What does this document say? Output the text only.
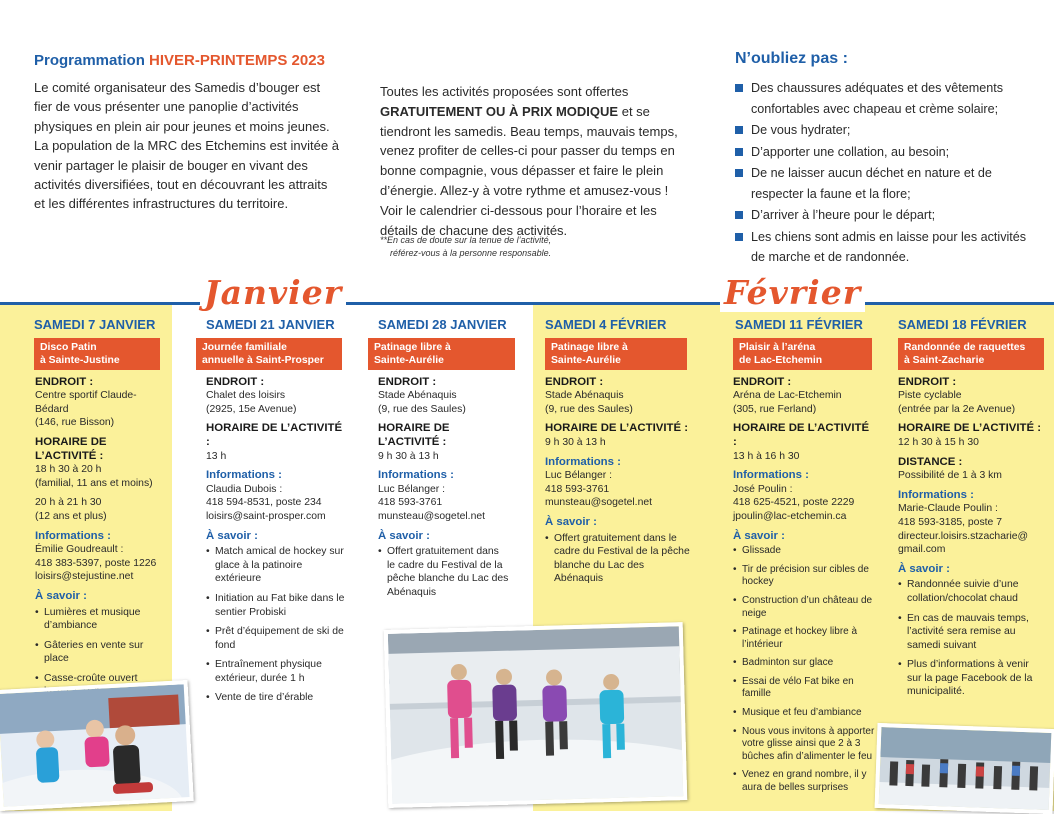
Programmation HIVER-PRINTEMPS 2023

Le comité organisateur des Samedis d’bouger est fier de vous présenter une panoplie d’activités physiques en plein air pour jeunes et moins jeunes. La population de la MRC des Etchemins est invitée à venir partager le plaisir de bouger en vivant des activités diversifiées, tout en découvrant les attraits et les différentes infrastructures du territoire.

Toutes les activités proposées sont offertes GRATUITEMENT OU À PRIX MODIQUE et se tiendront les samedis. Beau temps, mauvais temps, venez profiter de celles-ci pour passer du temps en bonne compagnie, vous dépasser et faire le plein d’énergie. Allez-y à votre rythme et amusez-vous ! Voir le calendrier ci-dessous pour l’horaire et les détails de chacune des activités.

**En cas de doute sur la tenue de l’activité,
référez-vous à la personne responsable.

N’oubliez pas :
Des chaussures adéquates et des vêtements confortables avec chapeau et crème solaire;
De vous hydrater;
D’apporter une collation, au besoin;
De ne laisser aucun déchet en nature et de respecter la faune et la flore;
D’arriver à l’heure pour le départ;
Les chiens sont admis en laisse pour les activités de marche et de randonnée.
SAMEDI 7 JANVIER
Disco Patin
à Sainte-Justine
ENDROIT :
Centre sportif Claude-Bédard
(146, rue Bisson)
HORAIRE DE L’ACTIVITÉ :
18 h 30 à 20 h
(familial, 11 ans et moins)
20 h à 21 h 30
(12 ans et plus)
Informations :
Émilie Goudreault :
418 383-5397, poste 1226
loisirs@stejustine.net
À savoir :
• Lumières et musique d’ambiance
• Gâteries en vente sur place
• Casse-croûte ouvert
SAMEDI 21 JANVIER
Journée familiale
annuelle à Saint-Prosper
ENDROIT :
Chalet des loisirs
(2925, 15e Avenue)
HORAIRE DE L’ACTIVITÉ :
13 h
Informations :
Claudia Dubois :
418 594-8531, poste 234
loisirs@saint-prosper.com
À savoir :
• Match amical de hockey sur glace à la patinoire extérieure
• Initiation au Fat bike dans le sentier Probiski
• Prêt d’équipement de ski de fond
• Entraînement physique extérieur, durée 1 h
• Vente de tire d’érable
SAMEDI 28 JANVIER
Patinage libre à
Sainte-Aurélie
ENDROIT :
Stade Abénaquis
(9, rue des Saules)
HORAIRE DE L’ACTIVITÉ :
9 h 30 à 13 h
Informations :
Luc Bélanger :
418 593-3761
munsteau@sogetel.net
À savoir :
• Offert gratuitement dans le cadre du Festival de la pêche blanche du Lac des Abénaquis
SAMEDI 4 FÉVRIER
Patinage libre à
Sainte-Aurélie
ENDROIT :
Stade Abénaquis
(9, rue des Saules)
HORAIRE DE L’ACTIVITÉ :
9 h 30 à 13 h
Informations :
Luc Bélanger :
418 593-3761
munsteau@sogetel.net
À savoir :
• Offert gratuitement dans le cadre du Festival de la pêche blanche du Lac des Abénaquis
SAMEDI 11 FÉVRIER
Plaisir à l’aréna
de Lac-Etchemin
ENDROIT :
Aréna de Lac-Etchemin
(305, rue Ferland)
HORAIRE DE L’ACTIVITÉ :
13 h à 16 h 30
Informations :
José Poulin :
418 625-4521, poste 2229
jpoulin@lac-etchemin.ca
À savoir :
• Glissade
• Tir de précision sur cibles de hockey
• Construction d’un château de neige
• Patinage et hockey libre à l’intérieur
• Badminton sur glace
• Essai de vélo Fat bike en famille
• Musique et feu d’ambiance
• Nous vous invitons à apporter votre glisse ainsi que 2 à 3 bûches afin d’alimenter le feu
• Venez en grand nombre, il y aura de belles surprises
SAMEDI 18 FÉVRIER
Randonnée de raquettes
à Saint-Zacharie
ENDROIT :
Piste cyclable
(entrée par la 2e Avenue)
HORAIRE DE L’ACTIVITÉ :
12 h 30 à 15 h 30
DISTANCE :
Possibilité de 1 à 3 km
Informations :
Marie-Claude Poulin :
418 593-3185, poste 7
directeur.loisirs.stzacharie@
gmail.com
À savoir :
• Randonnée suivie d’une collation/chocolat chaud
• En cas de mauvais temps, l’activité sera remise au samedi suivant
• Plus d’informations à venir sur la page Facebook de la municipalité.
Janvier	Février
